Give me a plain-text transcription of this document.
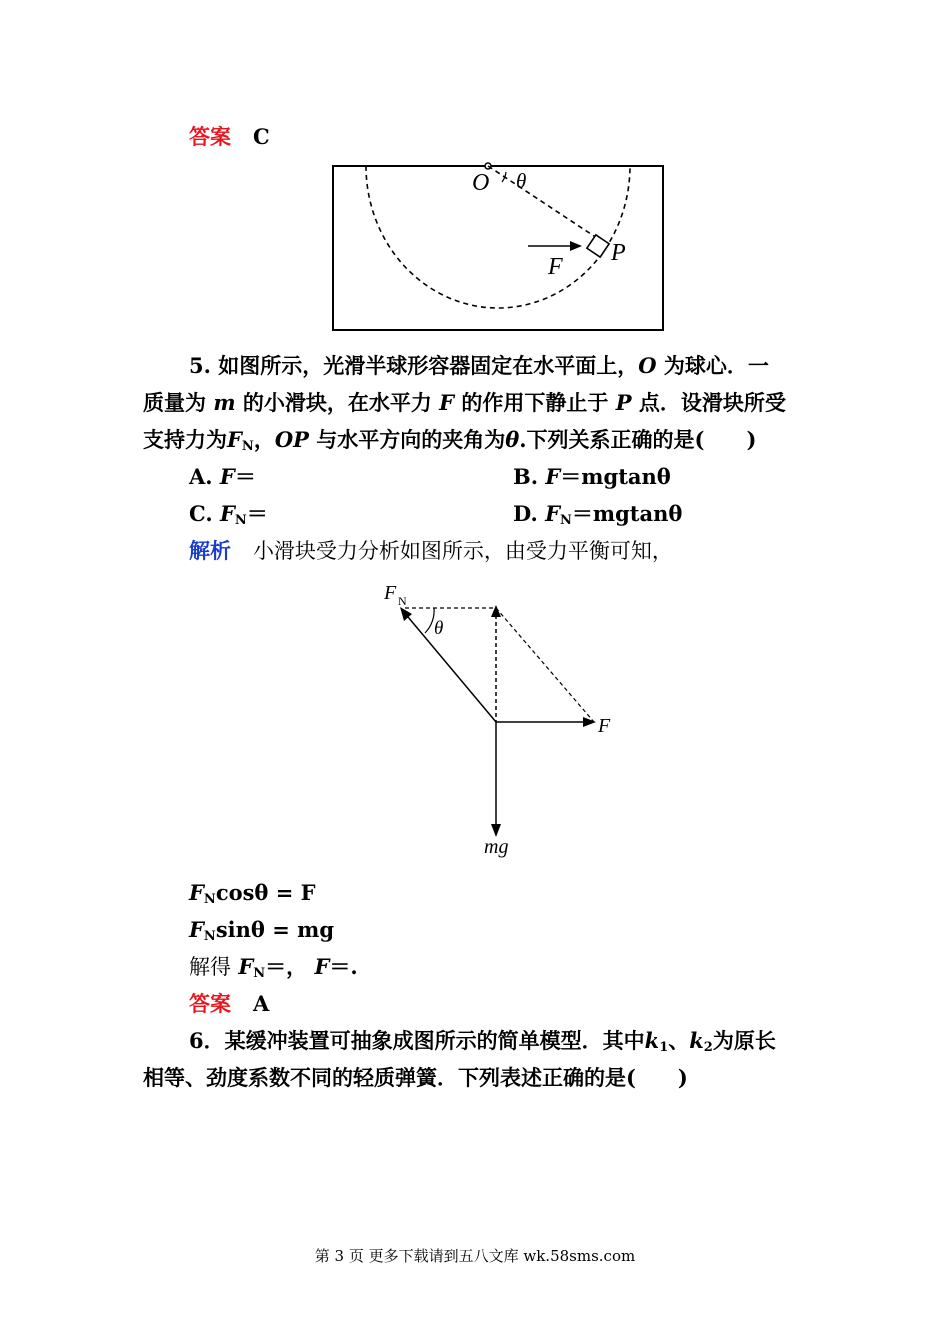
答案 C
O θ
P
F
5. 如图所示，光滑半球形容器固定在水平面上，O 为球心．一
质量为 m 的小滑块，在水平力 F 的作用下静止于 P 点．设滑块所受
支持力为$F_N$，OP 与水平方向的夹角为θ.下列关系正确的是(　　)
A. F＝	B. F＝mgtanθ
C. $F_N=$	D. $F_N=mgtan\theta$
解析 小滑块受力分析如图所示，由受力平衡可知，
F N
θ
F
mg
$F_N\cos\theta = F$
$F_N\sin\theta$ = mg
解得 $F_N=$， F＝.
答案 A
6．某缓冲装置可抽象成图所示的简单模型．其中$k_1$、$k_2$为原长
相等、劲度系数不同的轻质弹簧．下列表述正确的是(　　)
第 3 页 更多下载请到五八文库 wk.58sms.com
